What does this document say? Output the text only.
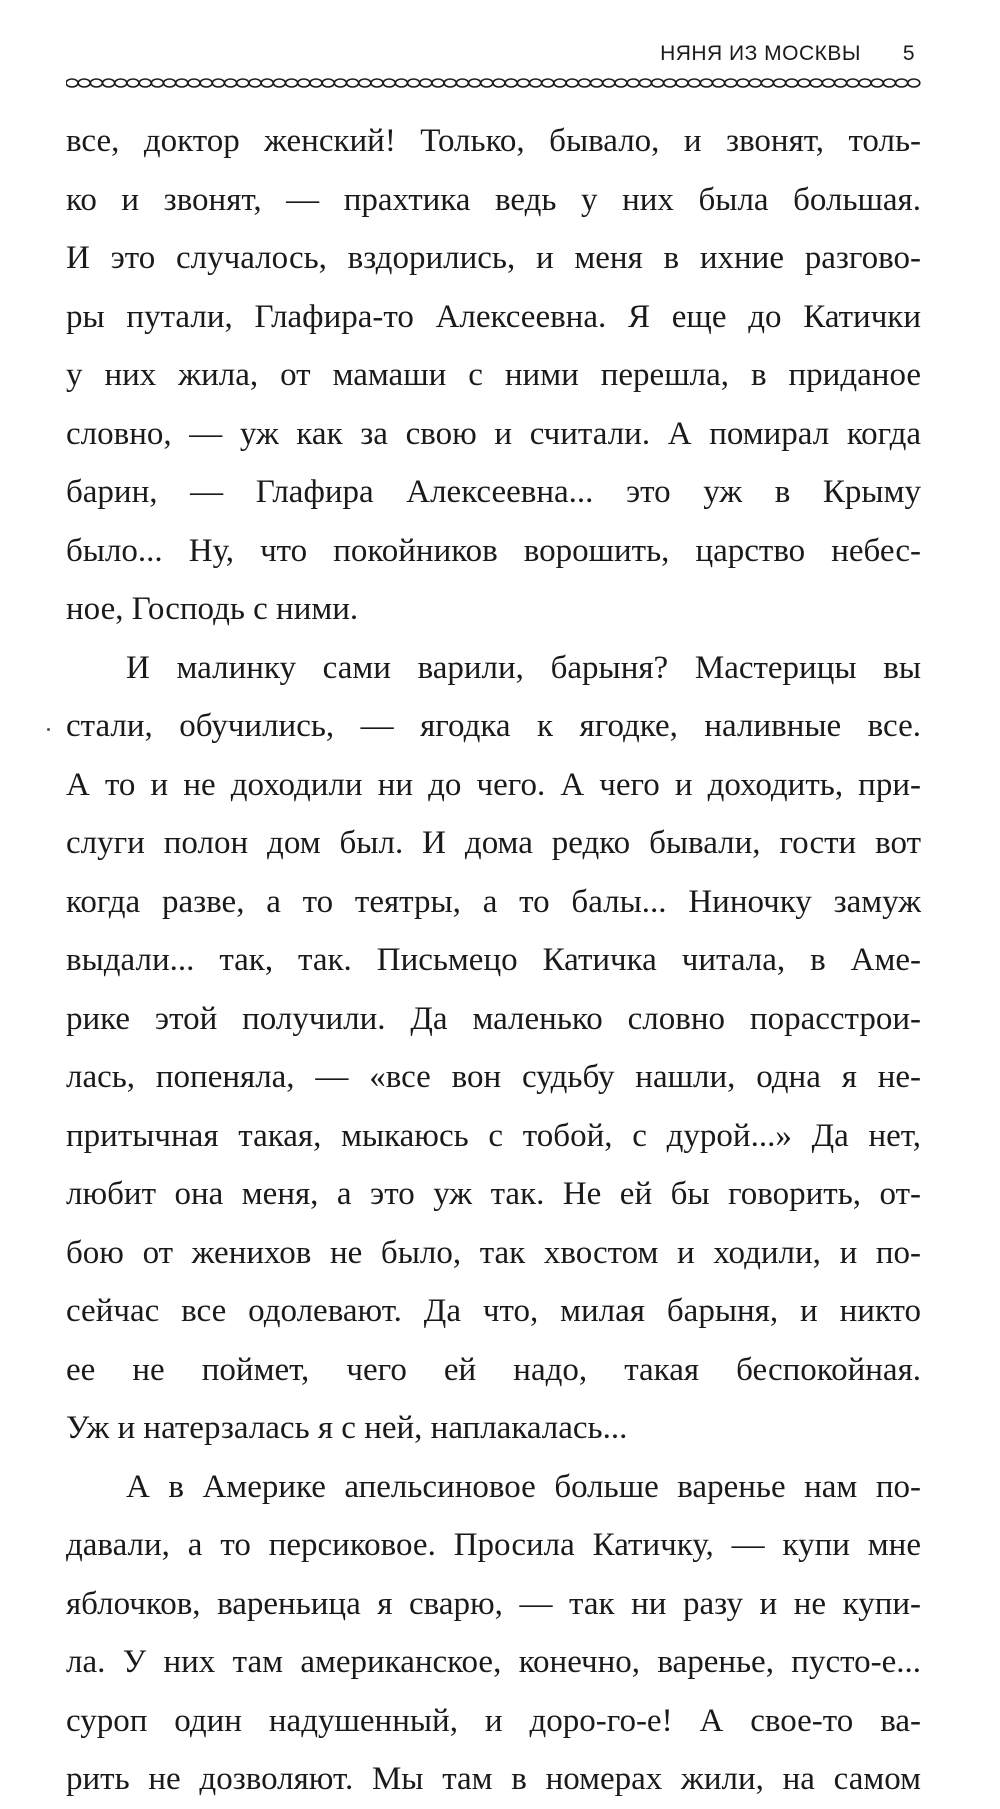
НЯНЯ ИЗ МОСКВЫ 5
все, доктор женский! Только, бывало, и звонят, толь-
ко и звонят, — прахтика ведь у них была большая.
И это случалось, вздорились, и меня в ихние разгово-
ры путали, Глафира-то Алексеевна. Я еще до Катички
у них жила, от мамаши с ними перешла, в приданое
словно, — уж как за свою и считали. А помирал когда
барин, — Глафира Алексеевна... это уж в Крыму
было... Ну, что покойников ворошить, царство небес-
ное, Господь с ними.
И малинку сами варили, барыня? Мастерицы вы
стали, обучились, — ягодка к ягодке, наливные все.
А то и не доходили ни до чего. А чего и доходить, при-
слуги полон дом был. И дома редко бывали, гости вот
когда разве, а то теятры, а то балы... Ниночку замуж
выдали... так, так. Письмецо Катичка читала, в Аме-
рике этой получили. Да маленько словно порасстрои-
лась, попеняла, — «все вон судьбу нашли, одна я не-
притычная такая, мыкаюсь с тобой, с дурой...» Да нет,
любит она меня, а это уж так. Не ей бы говорить, от-
бою от женихов не было, так хвостом и ходили, и по-
сейчас все одолевают. Да что, милая барыня, и никто
ее не поймет, чего ей надо, такая беспокойная.
Уж и натерзалась я с ней, наплакалась...
А в Америке апельсиновое больше варенье нам по-
давали, а то персиковое. Просила Катичку, — купи мне
яблочков, вареньица я сварю, — так ни разу и не купи-
ла. У них там американское, конечно, варенье, пусто-е...
суроп один надушенный, и доро-го-е! А свое-то ва-
рить не дозволяют. Мы там в номерах жили, на самом
